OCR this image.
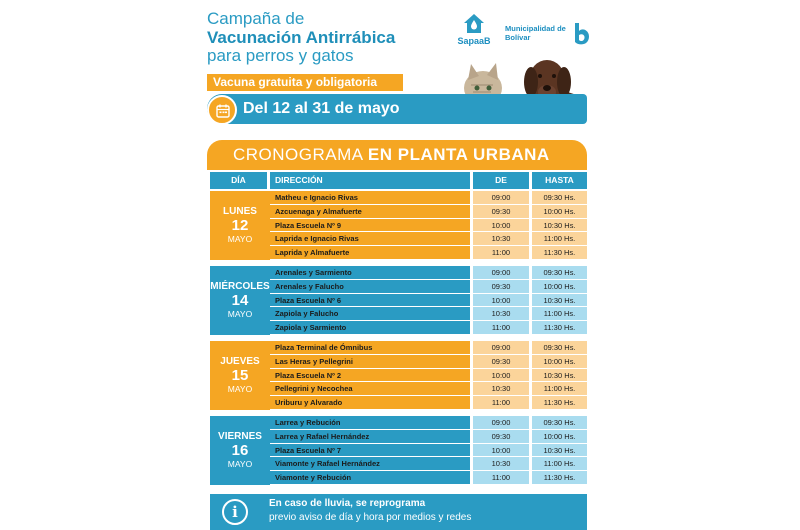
Campaña de
Vacunación Antirrábica
para perros y gatos
SapaaB
Municipalidad de Bolívar
Vacuna gratuita y obligatoria
Del 12 al 31 de mayo
CRONOGRAMA EN PLANTA URBANA
DÍA	DIRECCIÓN	DE	HASTA
LUNES
12
MAYO
Matheu e Ignacio Rivas	09:00	09:30 Hs.
Azcuenaga y Almafuerte	09:30	10:00 Hs.
Plaza Escuela Nº 9	10:00	10:30 Hs.
Laprida e Ignacio Rivas	10:30	11:00 Hs.
Laprida y Almafuerte	11:00	11:30 Hs.
MIÉRCOLES
14
MAYO
Arenales y Sarmiento	09:00	09:30 Hs.
Arenales y Falucho	09:30	10:00 Hs.
Plaza Escuela Nº 6	10:00	10:30 Hs.
Zapiola y Falucho	10:30	11:00 Hs.
Zapiola y Sarmiento	11:00	11:30 Hs.
JUEVES
15
MAYO
Plaza Terminal de Ómnibus	09:00	09:30 Hs.
Las Heras y Pellegrini	09:30	10:00 Hs.
Plaza Escuela Nº 2	10:00	10:30 Hs.
Pellegrini y Necochea	10:30	11:00 Hs.
Uriburu y Alvarado	11:00	11:30 Hs.
VIERNES
16
MAYO
Larrea y Rebución	09:00	09:30 Hs.
Larrea y Rafael Hernández	09:30	10:00 Hs.
Plaza Escuela Nº 7	10:00	10:30 Hs.
Viamonte y Rafael Hernández	10:30	11:00 Hs.
Viamonte y Rebución	11:00	11:30 Hs.
i	En caso de lluvia, se reprograma
previo aviso de día y hora por medios y redes
